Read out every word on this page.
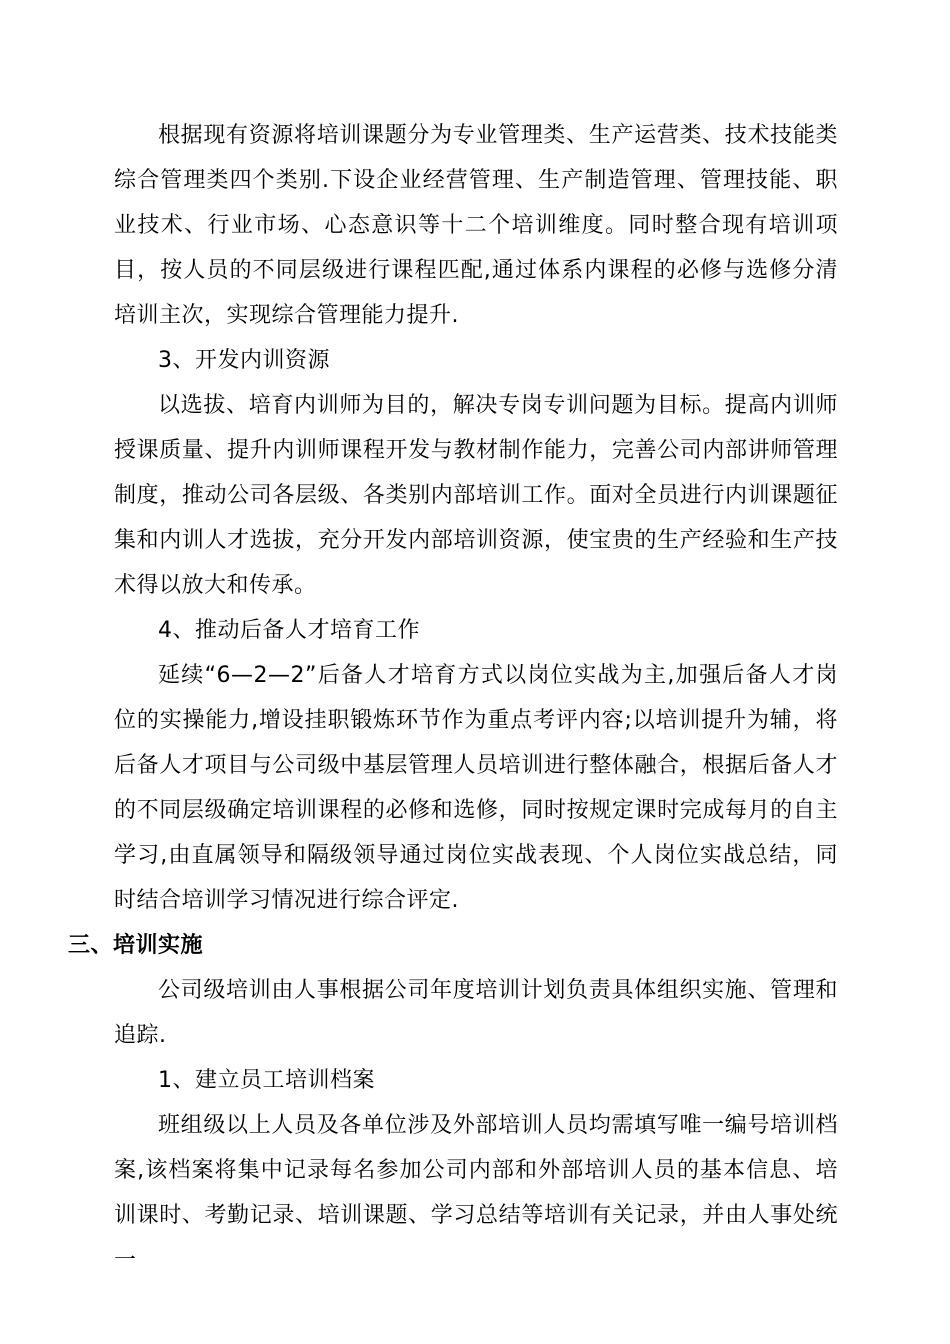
根据现有资源将培训课题分为专业管理类、生产运营类、技术技能类综合管理类四个类别.下设企业经营管理、生产制造管理、管理技能、职业技术、行业市场、心态意识等十二个培训维度。同时整合现有培训项目，按人员的不同层级进行课程匹配,通过体系内课程的必修与选修分清培训主次，实现综合管理能力提升.

3、开发内训资源

以选拔、培育内训师为目的，解决专岗专训问题为目标。提高内训师授课质量、提升内训师课程开发与教材制作能力，完善公司内部讲师管理制度，推动公司各层级、各类别内部培训工作。面对全员进行内训课题征集和内训人才选拔，充分开发内部培训资源，使宝贵的生产经验和生产技术得以放大和传承。

4、推动后备人才培育工作

延续“6—2—2”后备人才培育方式以岗位实战为主,加强后备人才岗位的实操能力,增设挂职锻炼环节作为重点考评内容;以培训提升为辅，将后备人才项目与公司级中基层管理人员培训进行整体融合，根据后备人才的不同层级确定培训课程的必修和选修，同时按规定课时完成每月的自主学习,由直属领导和隔级领导通过岗位实战表现、个人岗位实战总结，同时结合培训学习情况进行综合评定.

三、培训实施

公司级培训由人事根据公司年度培训计划负责具体组织实施、管理和追踪.

1、建立员工培训档案

班组级以上人员及各单位涉及外部培训人员均需填写唯一编号培训档案,该档案将集中记录每名参加公司内部和外部培训人员的基本信息、培训课时、考勤记录、培训课题、学习总结等培训有关记录，并由人事处统一
